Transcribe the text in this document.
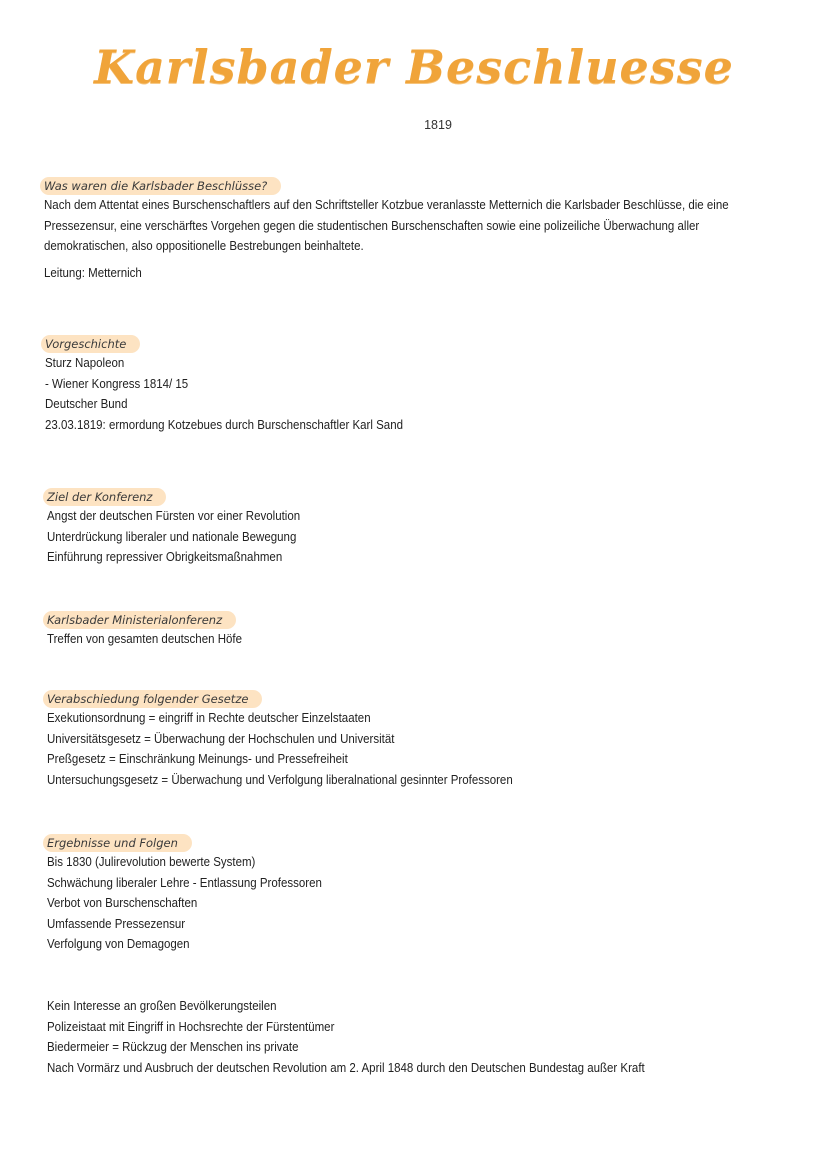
Karlsbader Beschluesse
1819
Was waren die Karlsbader Beschlüsse?
Nach dem Attentat eines Burschenschaftlers auf den Schriftsteller Kotzbue veranlasste Metternich die Karlsbader Beschlüsse, die eine Pressezensur, eine verschärftes Vorgehen gegen die studentischen Burschenschaften sowie eine polizeiliche Überwachung aller demokratischen, also oppositionelle Bestrebungen beinhaltete.
Leitung: Metternich
Vorgeschichte
Sturz Napoleon
- Wiener Kongress 1814/ 15
Deutscher Bund
23.03.1819: ermordung Kotzebues durch Burschenschaftler Karl Sand
Ziel der Konferenz
Angst der deutschen Fürsten vor einer Revolution
Unterdrückung liberaler und nationale Bewegung
Einführung repressiver Obrigkeitsmaßnahmen
Karlsbader Ministerialonferenz
Treffen von gesamten deutschen Höfe
Verabschiedung folgender Gesetze
Exekutionsordnung = eingriff in Rechte deutscher Einzelstaaten
Universitätsgesetz = Überwachung der Hochschulen und Universität
Preßgesetz = Einschränkung Meinungs- und Pressefreiheit
Untersuchungsgesetz = Überwachung und Verfolgung liberalnational gesinnter Professoren
Ergebnisse und Folgen
Bis 1830 (Julirevolution bewerte System)
Schwächung liberaler Lehre - Entlassung Professoren
Verbot von Burschenschaften
Umfassende Pressezensur
Verfolgung von Demagogen
Kein Interesse an großen Bevölkerungsteilen
Polizeistaat mit Eingriff in Hochsrechte der Fürstentümer
Biedermeier = Rückzug der Menschen ins private
Nach Vormärz und Ausbruch der deutschen Revolution am 2. April 1848 durch den Deutschen Bundestag außer Kraft
